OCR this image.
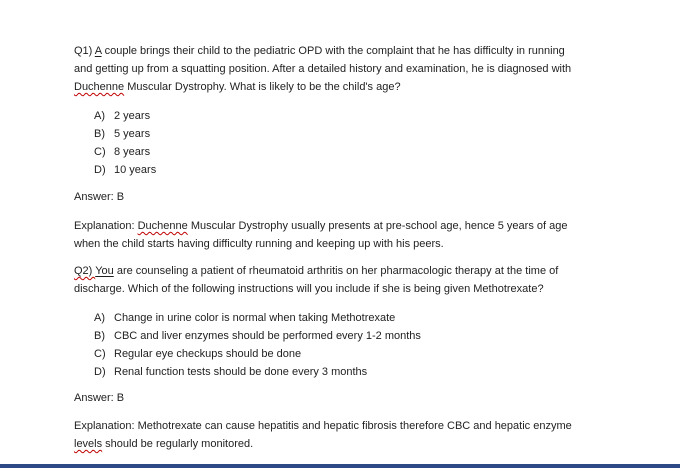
Q1) A couple brings their child to the pediatric OPD with the complaint that he has difficulty in running
and getting up from a squatting position. After a detailed history and examination, he is diagnosed with
Duchenne Muscular Dystrophy. What is likely to be the child's age?

A) 2 years
B) 5 years
C) 8 years
D) 10 years

Answer: B

Explanation: Duchenne Muscular Dystrophy usually presents at pre-school age, hence 5 years of age
when the child starts having difficulty running and keeping up with his peers.

Q2) You are counseling a patient of rheumatoid arthritis on her pharmacologic therapy at the time of
discharge. Which of the following instructions will you include if she is being given Methotrexate?

A) Change in urine color is normal when taking Methotrexate
B) CBC and liver enzymes should be performed every 1-2 months
C) Regular eye checkups should be done
D) Renal function tests should be done every 3 months

Answer: B

Explanation: Methotrexate can cause hepatitis and hepatic fibrosis therefore CBC and hepatic enzyme
levels should be regularly monitored.
